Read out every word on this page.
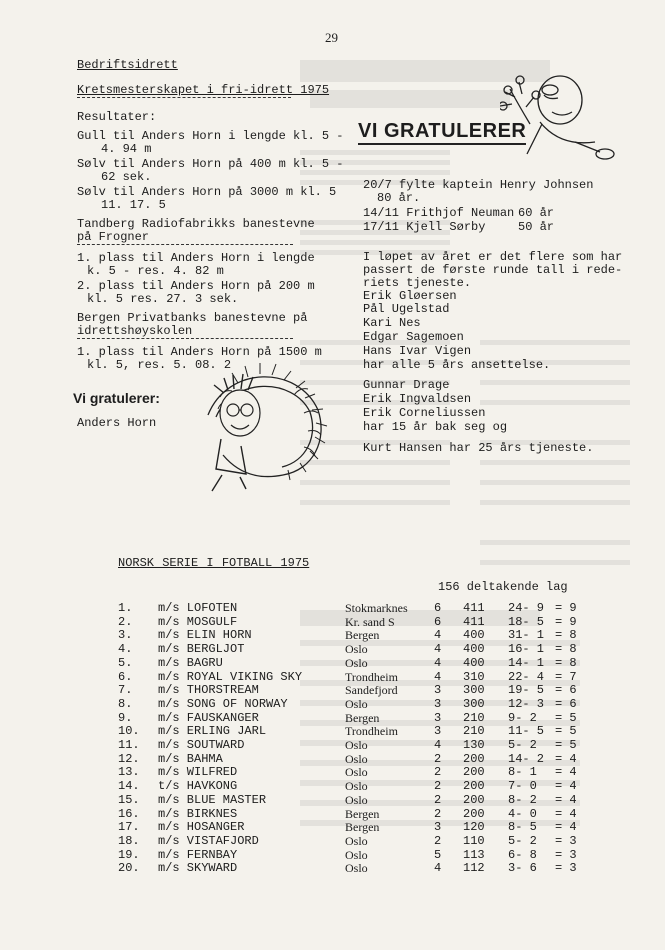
29
Bedriftsidrett
Kretsmesterskapet i fri-idrett 1975
Resultater:
Gull til Anders Horn i lengde kl. 5 -
4. 94 m
Sølv til Anders Horn på 400 m kl. 5 -
62 sek.
Sølv til Anders Horn på 3000 m kl. 5
11. 17. 5
Tandberg Radiofabrikks banestevne
på Frogner
1. plass til Anders Horn i lengde
k. 5 - res. 4. 82 m
2. plass til Anders Horn på 200 m
kl. 5 res. 27. 3 sek.
Bergen Privatbanks banestevne på
idrettshøyskolen
1. plass til Anders Horn på 1500 m
kl. 5, res. 5. 08. 2
Vi gratulerer:
Anders Horn
VI GRATULERER
20/7 fylte kaptein Henry Johnsen
80 år.
14/11 Frithjof Neuman 60 år
17/11 Kjell Sørby	50 år
I løpet av året er det flere som har
passert de første runde tall i rede-
riets tjeneste.
Erik Gløersen
Pål Ugelstad
Kari Nes
Edgar Sagemoen
Hans Ivar Vigen
har alle 5 års ansettelse.
Gunnar Drage
Erik Ingvaldsen
Erik Corneliussen
har 15 år bak seg og
Kurt Hansen har 25 års tjeneste.
NORSK SERIE I FOTBALL 1975
156 deltakende lag
1. m/s LOFOTEN	Stokmarknes 6 411 24- 9 = 9
2. m/s MOSGULF	Kr. sand S	6 411 18- 5 = 9
3. m/s ELIN HORN	Bergen	4 400 31- 1 = 8
4. m/s BERGLJOT	Oslo	4 400 16- 1 = 8
5. m/s BAGRU	Oslo	4 400 14- 1 = 8
6. m/s ROYAL VIKING SKY	Trondheim	4 310 22- 4 = 7
7. m/s THORSTREAM	Sandefjord	3 300 19- 5 = 6
8. m/s SONG OF NORWAY	Oslo	3 300 12- 3 = 6
9. m/s FAUSKANGER	Bergen	3 210 9- 2 = 5
10. m/s ERLING JARL	Trondheim	3 210 11- 5 = 5
11. m/s SOUTWARD	Oslo	4 130 5- 2 = 5
12. m/s BAHMA	Oslo	2 200 14- 2 = 4
13. m/s WILFRED	Oslo	2 200 8- 1 = 4
14. t/s HAVKONG	Oslo	2 200 7- 0 = 4
15. m/s BLUE MASTER	Oslo	2 200 8- 2 = 4
16. m/s BIRKNES	Bergen	2 200 4- 0 = 4
17. m/s HOSANGER	Bergen	3 120 8- 5 = 4
18. m/s VISTAFJORD	Oslo	2 110 5- 2 = 3
19. m/s FERNBAY	Oslo	5 113 6- 8 = 3
20. m/s SKYWARD	Oslo	4 112 3- 6 = 3
